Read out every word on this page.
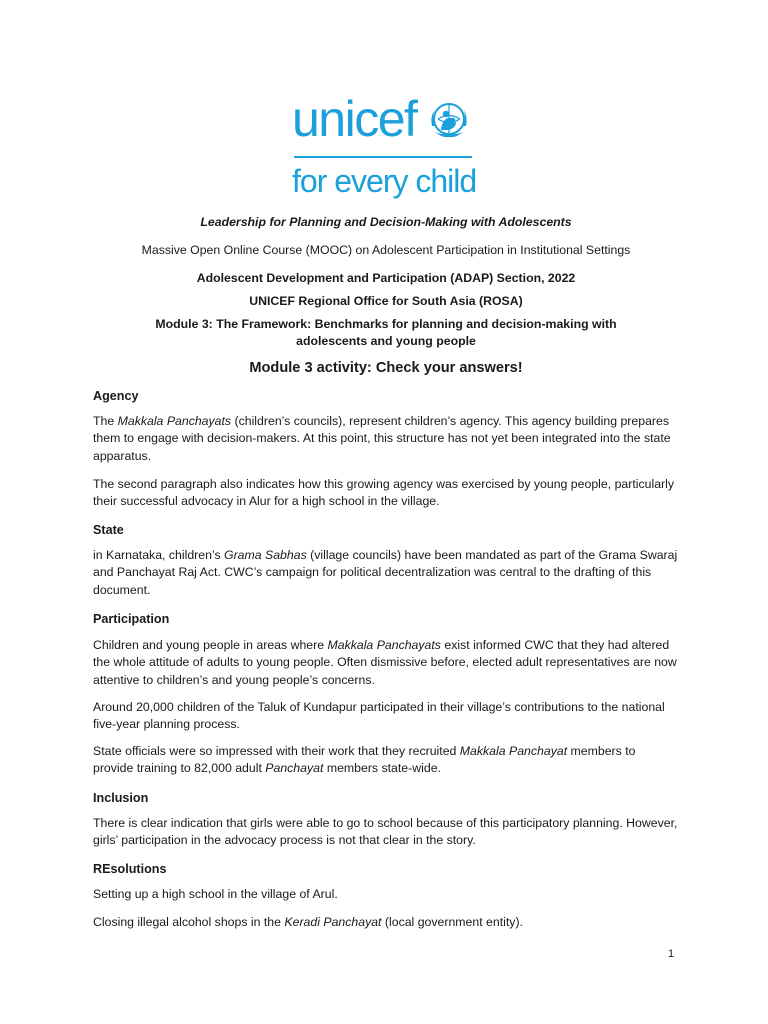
unicef
for every child

Leadership for Planning and Decision-Making with Adolescents

Massive Open Online Course (MOOC) on Adolescent Participation in Institutional Settings

Adolescent Development and Participation (ADAP) Section, 2022

UNICEF Regional Office for South Asia (ROSA)

Module 3: The Framework: Benchmarks for planning and decision-making with
adolescents and young people

Module 3 activity: Check your answers!
Agency

The Makkala Panchayats (children’s councils), represent children’s agency. This agency building prepares them to engage with decision-makers. At this point, this structure has not yet been integrated into the state apparatus.

The second paragraph also indicates how this growing agency was exercised by young people, particularly their successful advocacy in Alur for a high school in the village.

State

in Karnataka, children’s Grama Sabhas (village councils) have been mandated as part of the Grama Swaraj and Panchayat Raj Act. CWC’s campaign for political decentralization was central to the drafting of this document.

Participation

Children and young people in areas where Makkala Panchayats exist informed CWC that they had altered the whole attitude of adults to young people. Often dismissive before, elected adult representatives are now attentive to children’s and young people’s concerns.

Around 20,000 children of the Taluk of Kundapur participated in their village’s contributions to the national five-year planning process.

State officials were so impressed with their work that they recruited Makkala Panchayat members to provide training to 82,000 adult Panchayat members state-wide.

Inclusion

There is clear indication that girls were able to go to school because of this participatory planning. However, girls’ participation in the advocacy process is not that clear in the story.

REsolutions

Setting up a high school in the village of Arul.

Closing illegal alcohol shops in the Keradi Panchayat (local government entity).

1
